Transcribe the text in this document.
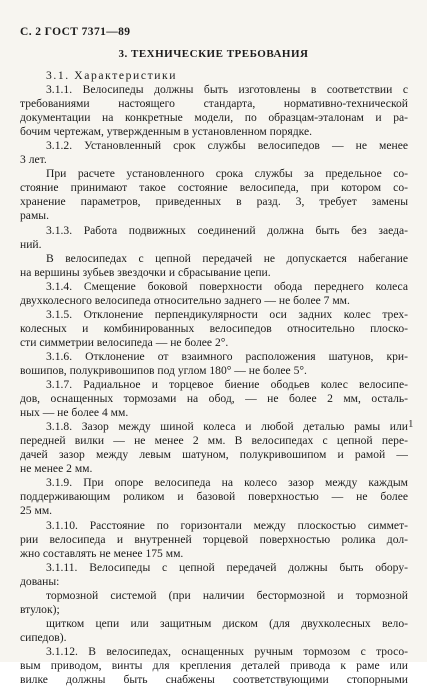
С. 2 ГОСТ 7371—89
3. ТЕХНИЧЕСКИЕ ТРЕБОВАНИЯ
3.1. Характеристики
3.1.1. Велосипеды должны быть изготовлены в соответствии с
требованиями настоящего стандарта, нормативно-технической
документации на конкретные модели, по образцам-эталонам и ра-
бочим чертежам, утвержденным в установленном порядке.
3.1.2. Установленный срок службы велосипедов — не менее
3 лет.
При расчете установленного срока службы за предельное со-
стояние принимают такое состояние велосипеда, при котором со-
хранение параметров, приведенных в разд. 3, требует замены
рамы.
3.1.3. Работа подвижных соединений должна быть без заеда-
ний.
В велосипедах с цепной передачей не допускается набегание
на вершины зубьев звездочки и сбрасывание цепи.
3.1.4. Смещение боковой поверхности обода переднего колеса
двухколесного велосипеда относительно заднего — не более 7 мм.
3.1.5. Отклонение перпендикулярности оси задних колес трех-
колесных и комбинированных велосипедов относительно плоско-
сти симметрии велосипеда — не более 2°.
3.1.6. Отклонение от взаимного расположения шатунов, кри-
вошипов, полукривошипов под углом 180° — не более 5°.
3.1.7. Радиальное и торцевое биение ободьев колес велосипе-
дов, оснащенных тормозами на обод, — не более 2 мм, осталь-
ных — не более 4 мм.
3.1.8. Зазор между шиной колеса и любой деталью рамы или
передней вилки — не менее 2 мм. В велосипедах с цепной пере-
дачей зазор между левым шатуном, полукривошипом и рамой —
не менее 2 мм.
3.1.9. При опоре велосипеда на колесо зазор между каждым
поддерживающим роликом и базовой поверхностью — не более
25 мм.
3.1.10. Расстояние по горизонтали между плоскостью симмет-
рии велосипеда и внутренней торцевой поверхностью ролика дол-
жно составлять не менее 175 мм.
3.1.11. Велосипеды с цепной передачей должны быть обору-
дованы:
тормозной системой (при наличии бестормозной и тормозной
втулок);
щитком цепи или защитным диском (для двухколесных вело-
сипедов).
3.1.12. В велосипедах, оснащенных ручным тормозом с тросо-
вым приводом, винты для крепления деталей привода к раме или
вилке должны быть снабжены соответствующими стопорными
1
